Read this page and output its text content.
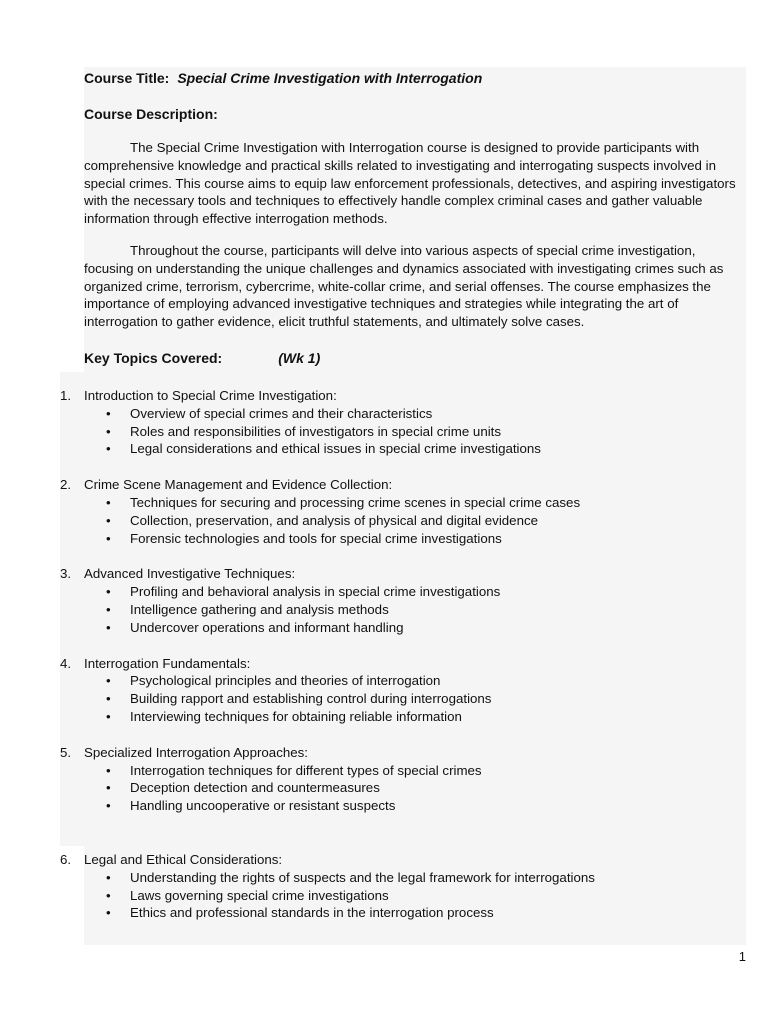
Course Title: Special Crime Investigation with Interrogation
Course Description:

The Special Crime Investigation with Interrogation course is designed to provide participants with comprehensive knowledge and practical skills related to investigating and interrogating suspects involved in special crimes. This course aims to equip law enforcement professionals, detectives, and aspiring investigators with the necessary tools and techniques to effectively handle complex criminal cases and gather valuable information through effective interrogation methods.

Throughout the course, participants will delve into various aspects of special crime investigation, focusing on understanding the unique challenges and dynamics associated with investigating crimes such as organized crime, terrorism, cybercrime, white-collar crime, and serial offenses. The course emphasizes the importance of employing advanced investigative techniques and strategies while integrating the art of interrogation to gather evidence, elicit truthful statements, and ultimately solve cases.

Key Topics Covered:	(Wk 1)
1. Introduction to Special Crime Investigation:
• Overview of special crimes and their characteristics
• Roles and responsibilities of investigators in special crime units
• Legal considerations and ethical issues in special crime investigations
2. Crime Scene Management and Evidence Collection:
• Techniques for securing and processing crime scenes in special crime cases
• Collection, preservation, and analysis of physical and digital evidence
• Forensic technologies and tools for special crime investigations
3. Advanced Investigative Techniques:
• Profiling and behavioral analysis in special crime investigations
• Intelligence gathering and analysis methods
• Undercover operations and informant handling
4. Interrogation Fundamentals:
• Psychological principles and theories of interrogation
• Building rapport and establishing control during interrogations
• Interviewing techniques for obtaining reliable information
5. Specialized Interrogation Approaches:
• Interrogation techniques for different types of special crimes
• Deception detection and countermeasures
• Handling uncooperative or resistant suspects
6. Legal and Ethical Considerations:
• Understanding the rights of suspects and the legal framework for interrogations
• Laws governing special crime investigations
• Ethics and professional standards in the interrogation process
1
